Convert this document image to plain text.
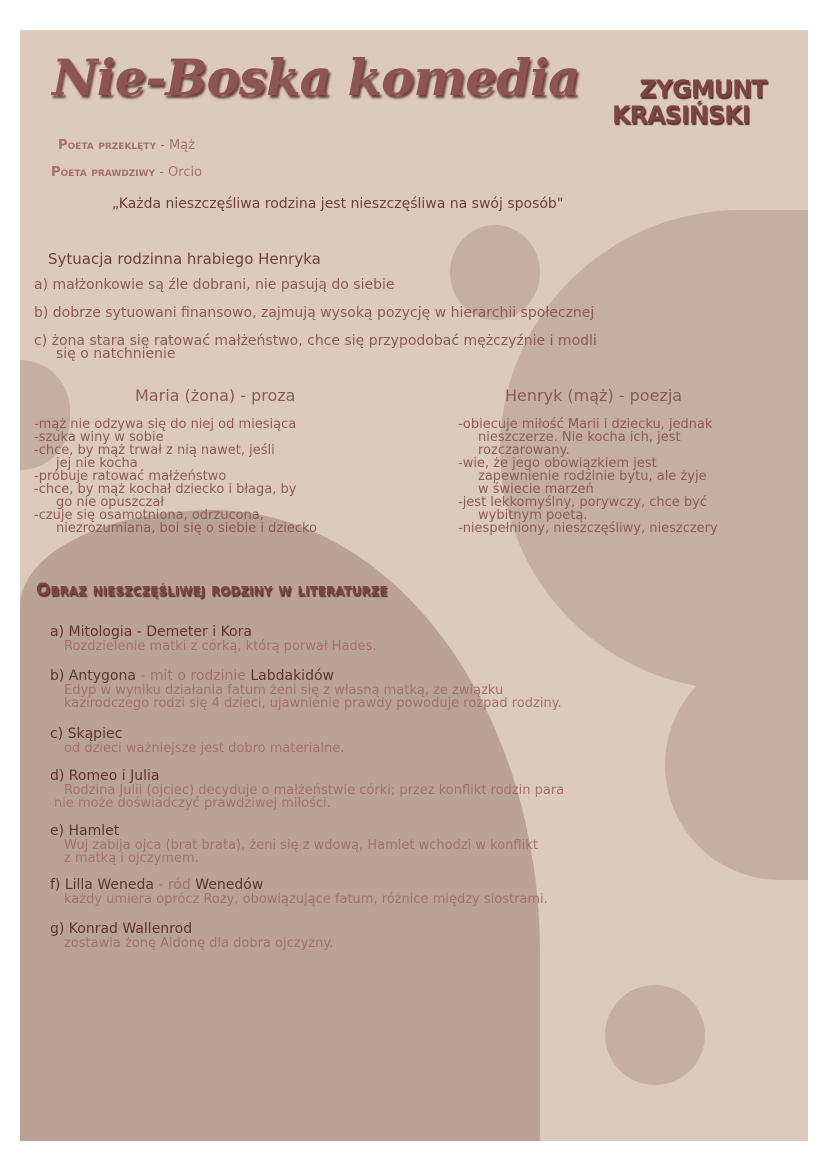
Nie-Boska komedia	ZYGMUNT
KRASIŃSKI
Poeta przeklęty - Mąż
Poeta prawdziwy - Orcio
„Każda nieszczęśliwa rodzina jest nieszczęśliwa na swój sposób"
Sytuacja rodzinna hrabiego Henryka
a) małżonkowie są źle dobrani, nie pasują do siebie
b) dobrze sytuowani finansowo, zajmują wysoką pozycję w hierarchii społecznej
c) żona stara się ratować małżeństwo, chce się przypodobać mężczyźnie i modli
się o natchnienie
Maria (żona) - proza
-mąż nie odzywa się do niej od miesiąca
-szuka winy w sobie
-chce, by mąż trwał z nią nawet, jeśli
jej nie kocha
-próbuje ratować małżeństwo
-chce, by mąż kochał dziecko i błaga, by
go nie opuszczał
-czuje się osamotniona, odrzucona,
niezrozumiana, boi się o siebie i dziecko
Henryk (mąż) - poezja
-obiecuje miłość Marii i dziecku, jednak
nieszczerze. Nie kocha ich, jest
rozczarowany.
-wie, że jego obowiązkiem jest
zapewnienie rodzinie bytu, ale żyje
w świecie marzeń
-jest lekkomyślny, porywczy, chce być
wybitnym poetą.
-niespełniony, nieszczęśliwy, nieszczery
Obraz nieszczęśliwej rodziny w literaturze
a) Mitologia - Demeter i Kora
Rozdzielenie matki z córką, którą porwał Hades.
b) Antygona - mit o rodzinie Labdakidów
Edyp w wyniku działania fatum żeni się z własną matką, ze związku
kazirodczego rodzi się 4 dzieci, ujawnienie prawdy powoduje rozpad rodziny.
c) Skąpiec
od dzieci ważniejsze jest dobro materialne.
d) Romeo i Julia
Rodzina Julii (ojciec) decyduje o małżeństwie córki; przez konflikt rodzin para
nie może doświadczyć prawdziwej miłości.
e) Hamlet
Wuj zabija ojca (brat brata), żeni się z wdową, Hamlet wchodzi w konflikt
z matką i ojczymem.
f) Lilla Weneda - ród Wenedów
każdy umiera oprócz Rozy, obowiązujące fatum, różnice między siostrami.
g) Konrad Wallenrod
zostawia żonę Aldonę dla dobra ojczyzny.
